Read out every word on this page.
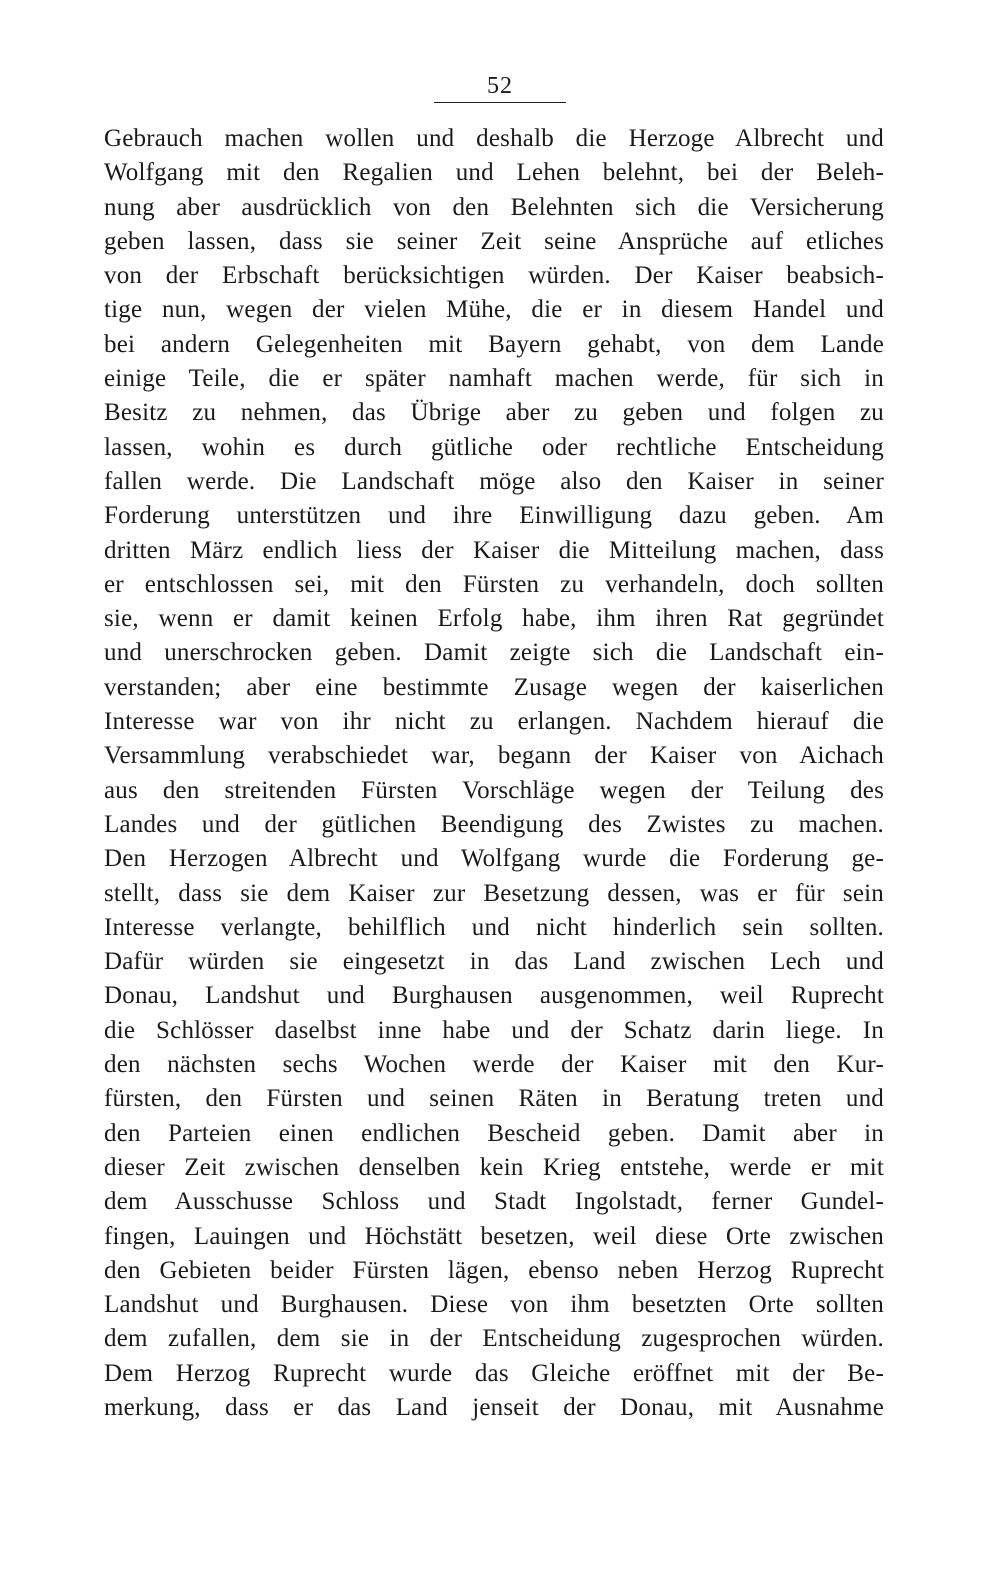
52
Gebrauch machen wollen und deshalb die Herzoge Albrecht und
Wolfgang mit den Regalien und Lehen belehnt, bei der Beleh-
nung aber ausdrücklich von den Belehnten sich die Versicherung
geben lassen, dass sie seiner Zeit seine Ansprüche auf etliches
von der Erbschaft berücksichtigen würden. Der Kaiser beabsich-
tige nun, wegen der vielen Mühe, die er in diesem Handel und
bei andern Gelegenheiten mit Bayern gehabt, von dem Lande
einige Teile, die er später namhaft machen werde, für sich in
Besitz zu nehmen, das Übrige aber zu geben und folgen zu
lassen, wohin es durch gütliche oder rechtliche Entscheidung
fallen werde. Die Landschaft möge also den Kaiser in seiner
Forderung unterstützen und ihre Einwilligung dazu geben. Am
dritten März endlich liess der Kaiser die Mitteilung machen, dass
er entschlossen sei, mit den Fürsten zu verhandeln, doch sollten
sie, wenn er damit keinen Erfolg habe, ihm ihren Rat gegründet
und unerschrocken geben. Damit zeigte sich die Landschaft ein-
verstanden; aber eine bestimmte Zusage wegen der kaiserlichen
Interesse war von ihr nicht zu erlangen. Nachdem hierauf die
Versammlung verabschiedet war, begann der Kaiser von Aichach
aus den streitenden Fürsten Vorschläge wegen der Teilung des
Landes und der gütlichen Beendigung des Zwistes zu machen.
Den Herzogen Albrecht und Wolfgang wurde die Forderung ge-
stellt, dass sie dem Kaiser zur Besetzung dessen, was er für sein
Interesse verlangte, behilflich und nicht hinderlich sein sollten.
Dafür würden sie eingesetzt in das Land zwischen Lech und
Donau, Landshut und Burghausen ausgenommen, weil Ruprecht
die Schlösser daselbst inne habe und der Schatz darin liege. In
den nächsten sechs Wochen werde der Kaiser mit den Kur-
fürsten, den Fürsten und seinen Räten in Beratung treten und
den Parteien einen endlichen Bescheid geben. Damit aber in
dieser Zeit zwischen denselben kein Krieg entstehe, werde er mit
dem Ausschusse Schloss und Stadt Ingolstadt, ferner Gundel-
fingen, Lauingen und Höchstätt besetzen, weil diese Orte zwischen
den Gebieten beider Fürsten lägen, ebenso neben Herzog Ruprecht
Landshut und Burghausen. Diese von ihm besetzten Orte sollten
dem zufallen, dem sie in der Entscheidung zugesprochen würden.
Dem Herzog Ruprecht wurde das Gleiche eröffnet mit der Be-
merkung, dass er das Land jenseit der Donau, mit Ausnahme
